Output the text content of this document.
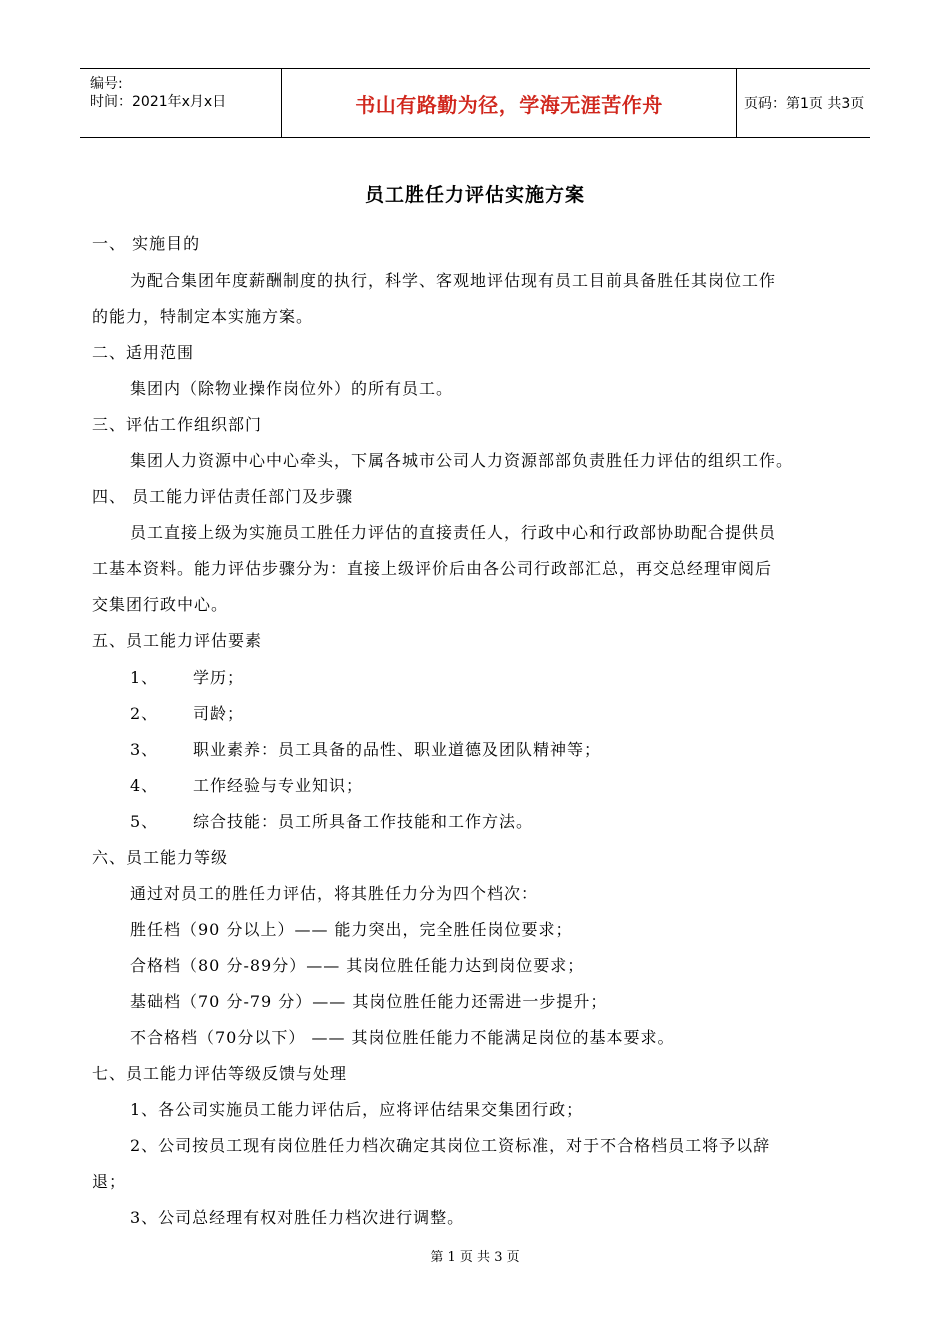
编号:
时间：2021年x月x日	书山有路勤为径，学海无涯苦作舟	页码：第1页 共3页
员工胜任力评估实施方案
一、 实施目的
为配合集团年度薪酬制度的执行，科学、客观地评估现有员工目前具备胜任其岗位工作
的能力，特制定本实施方案。
二、适用范围
集团内（除物业操作岗位外）的所有员工。
三、评估工作组织部门
集团人力资源中心中心牵头，下属各城市公司人力资源部部负责胜任力评估的组织工作。
四、 员工能力评估责任部门及步骤
员工直接上级为实施员工胜任力评估的直接责任人，行政中心和行政部协助配合提供员
工基本资料。能力评估步骤分为：直接上级评价后由各公司行政部汇总，再交总经理审阅后
交集团行政中心。
五、员工能力评估要素
1、 学历；
2、 司龄；
3、 职业素养：员工具备的品性、职业道德及团队精神等；
4、 工作经验与专业知识；
5、 综合技能：员工所具备工作技能和工作方法。
六、员工能力等级
通过对员工的胜任力评估，将其胜任力分为四个档次：
胜任档（90 分以上）—— 能力突出，完全胜任岗位要求；
合格档（80 分-89分）—— 其岗位胜任能力达到岗位要求；
基础档（70 分-79 分）—— 其岗位胜任能力还需进一步提升；
不合格档（70分以下） —— 其岗位胜任能力不能满足岗位的基本要求。
七、员工能力评估等级反馈与处理
1、各公司实施员工能力评估后，应将评估结果交集团行政；
2、公司按员工现有岗位胜任力档次确定其岗位工资标准，对于不合格档员工将予以辞
退；
3、公司总经理有权对胜任力档次进行调整。
第 1 页 共 3 页
